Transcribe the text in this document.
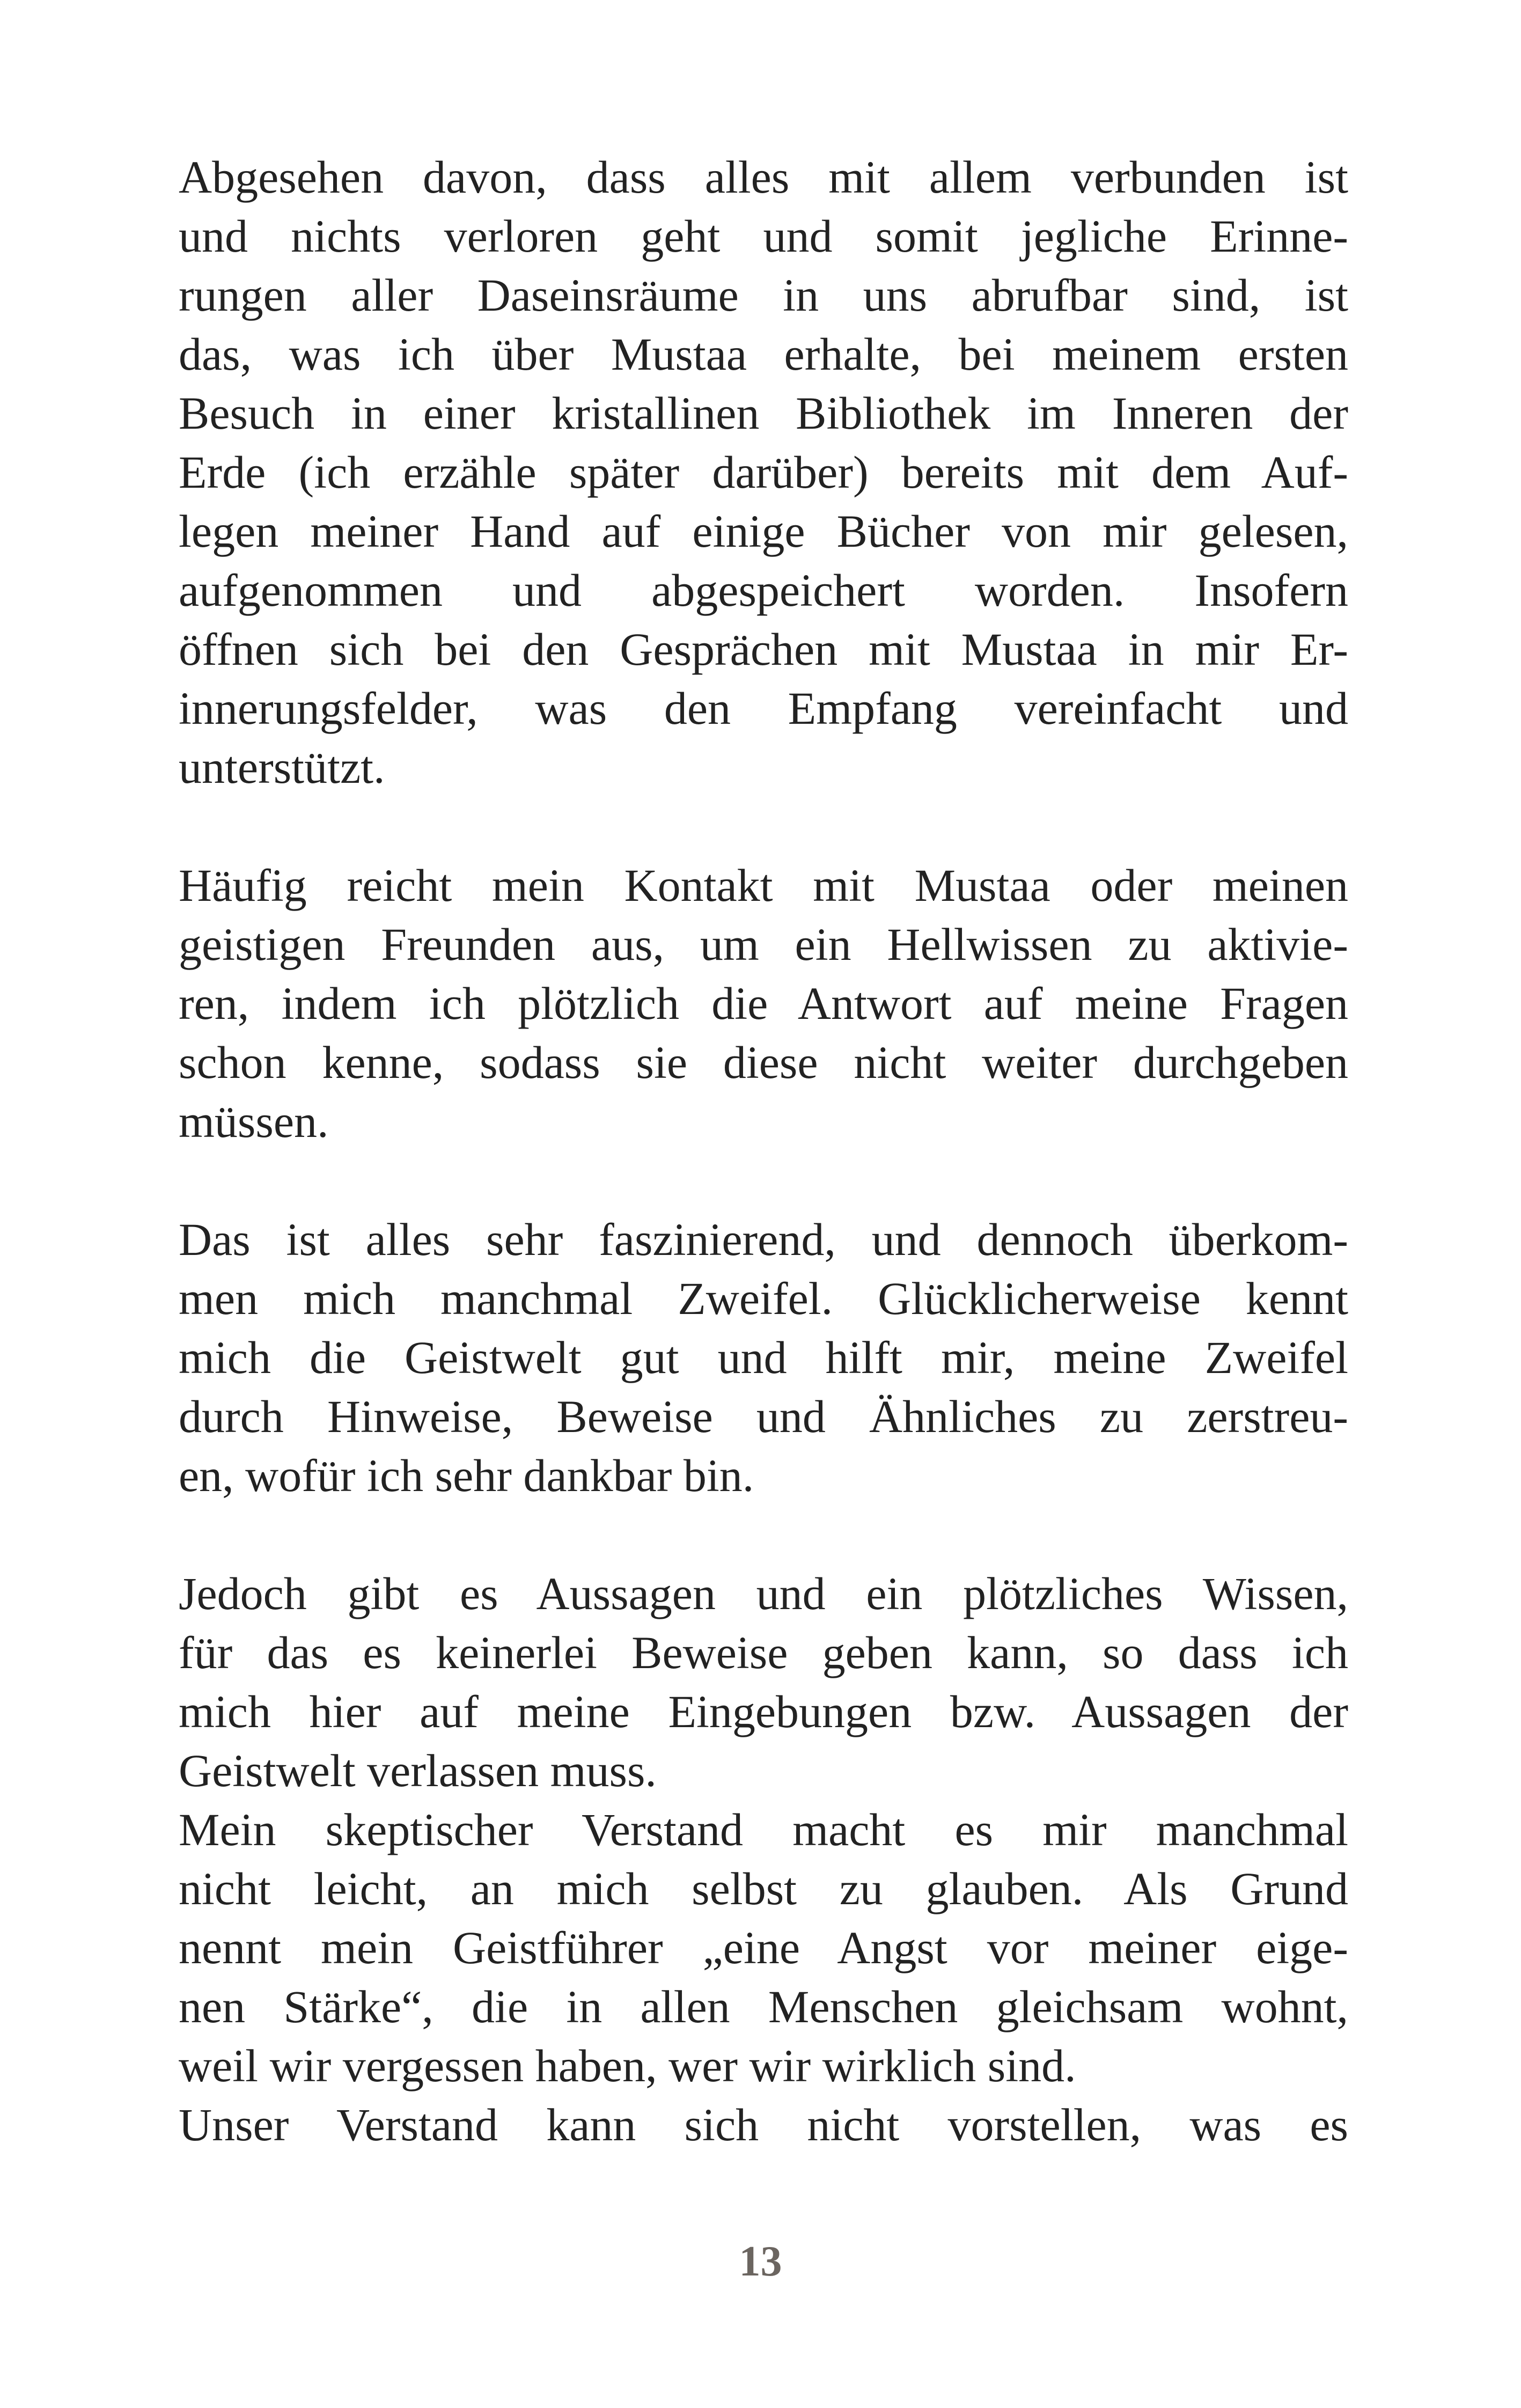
Abgesehen davon, dass alles mit allem verbunden ist
und nichts verloren geht und somit jegliche Erinne-
rungen aller Daseinsräume in uns abrufbar sind, ist
das, was ich über Mustaa erhalte, bei meinem ersten
Besuch in einer kristallinen Bibliothek im Inneren der
Erde (ich erzähle später darüber) bereits mit dem Auf-
legen meiner Hand auf einige Bücher von mir gelesen,
aufgenommen und abgespeichert worden. Insofern
öffnen sich bei den Gesprächen mit Mustaa in mir Er-
innerungsfelder, was den Empfang vereinfacht und
unterstützt.
Häufig reicht mein Kontakt mit Mustaa oder meinen
geistigen Freunden aus, um ein Hellwissen zu aktivie-
ren, indem ich plötzlich die Antwort auf meine Fragen
schon kenne, sodass sie diese nicht weiter durchgeben
müssen.
Das ist alles sehr faszinierend, und dennoch überkom-
men mich manchmal Zweifel. Glücklicherweise kennt
mich die Geistwelt gut und hilft mir, meine Zweifel
durch Hinweise, Beweise und Ähnliches zu zerstreu-
en, wofür ich sehr dankbar bin.
Jedoch gibt es Aussagen und ein plötzliches Wissen,
für das es keinerlei Beweise geben kann, so dass ich
mich hier auf meine Eingebungen bzw. Aussagen der
Geistwelt verlassen muss.
Mein skeptischer Verstand macht es mir manchmal
nicht leicht, an mich selbst zu glauben. Als Grund
nennt mein Geistführer „eine Angst vor meiner eige-
nen Stärke“, die in allen Menschen gleichsam wohnt,
weil wir vergessen haben, wer wir wirklich sind.
Unser Verstand kann sich nicht vorstellen, was es
13
